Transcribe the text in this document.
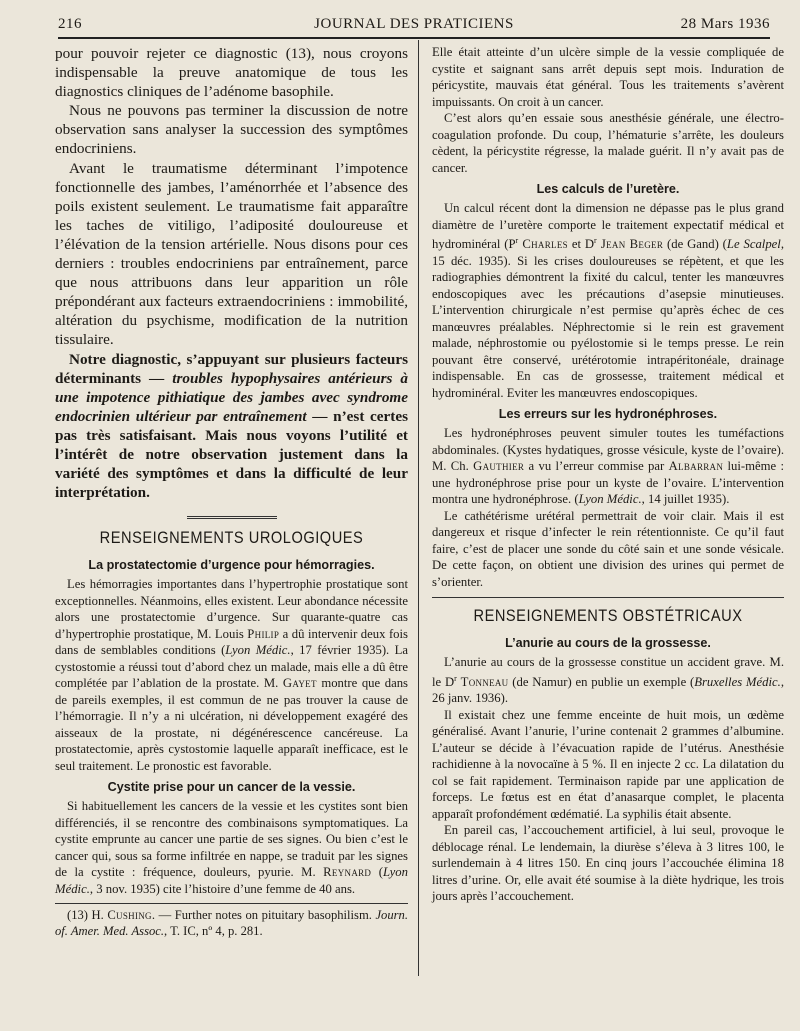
216	JOURNAL DES PRATICIENS	28 Mars 1936

pour pouvoir rejeter ce diagnostic (13), nous croyons indispensable la preuve anatomique de tous les diagnostics cliniques de l’adénome basophile.

Nous ne pouvons pas terminer la discussion de notre observation sans analyser la succession des symptômes endocriniens.

Avant le traumatisme déterminant l’impotence fonctionnelle des jambes, l’aménorrhée et l’absence des poils existent seulement. Le traumatisme fait apparaître les taches de vitiligo, l’adiposité douloureuse et l’élévation de la tension artérielle. Nous disons pour ces derniers : troubles endocriniens par entraînement, parce que nous attribuons dans leur apparition un rôle prépondérant aux facteurs extraendocriniens : immobilité, altération du psychisme, modification de la nutrition tissulaire.

Notre diagnostic, s’appuyant sur plusieurs facteurs déterminants — troubles hypophysaires antérieurs à une impotence pithiatique des jambes avec syndrome endocrinien ultérieur par entraînement — n’est certes pas très satisfaisant. Mais nous voyons l’utilité et l’intérêt de notre observation justement dans la variété des symptômes et dans la difficulté de leur interprétation.

RENSEIGNEMENTS UROLOGIQUES
La prostatectomie d’urgence pour hémorragies.

Les hémorragies importantes dans l’hypertrophie prostatique sont exceptionnelles. Néanmoins, elles existent. Leur abondance nécessite alors une prostatectomie d’urgence. Sur quarante-quatre cas d’hypertrophie prostatique, M. Louis Philip a dû intervenir deux fois dans de semblables conditions (Lyon Médic., 17 février 1935). La cystostomie a réussi tout d’abord chez un malade, mais elle a dû être complétée par l’ablation de la prostate. M. Gayet montre que dans de pareils exemples, il est commun de ne pas trouver la cause de l’hémorragie. Il n’y a ni ulcération, ni développement exagéré des aisseaux de la prostate, ni dégénérescence cancéreuse. La prostatectomie, après cystostomie laquelle apparaît inefficace, est le seul traitement. Le pronostic est favorable.

Cystite prise pour un cancer de la vessie.

Si habituellement les cancers de la vessie et les cystites sont bien différenciés, il se rencontre des combinaisons symptomatiques. La cystite emprunte au cancer une partie de ses signes. Ou bien c’est le cancer qui, sous sa forme infiltrée en nappe, se traduit par les signes de la cystite : fréquence, douleurs, pyurie. M. Reynard (Lyon Médic., 3 nov. 1935) cite l’histoire d’une femme de 40 ans.

(13) H. Cushing. — Further notes on pituitary basophilism. Journ. of. Amer. Med. Assoc., T. IC, nº 4, p. 281.

Elle était atteinte d’un ulcère simple de la vessie compliquée de cystite et saignant sans arrêt depuis sept mois. Induration de péricystite, mauvais état général. Tous les traitements s’avèrent impuissants. On croit à un cancer.

C’est alors qu’en essaie sous anesthésie générale, une électro-coagulation profonde. Du coup, l’hématurie s’arrête, les douleurs cèdent, la péricystite régresse, la malade guérit. Il n’y avait pas de cancer.

Les calculs de l’uretère.

Un calcul récent dont la dimension ne dépasse pas le plus grand diamètre de l’uretère comporte le traitement expectatif médical et hydrominéral ($P^r$ Charles et $D^r$ Jean Beger (de Gand) (Le Scalpel, 15 déc. 1935). Si les crises douloureuses se répètent, et que les radiographies démontrent la fixité du calcul, tenter les manœuvres endoscopiques avec les précautions d’asepsie minutieuses. L’intervention chirurgicale n’est permise qu’après échec de ces manœuvres préalables. Néphrectomie si le rein est gravement malade, néphrostomie ou pyélostomie si le temps presse. Le rein pouvant être conservé, urétérotomie intrapéritonéale, drainage indispensable. En cas de grossesse, traitement médical et hydrominéral. Eviter les manœuvres endoscopiques.

Les erreurs sur les hydronéphroses.

Les hydronéphroses peuvent simuler toutes les tuméfactions abdominales. (Kystes hydatiques, grosse vésicule, kyste de l’ovaire). M. Ch. Gauthier a vu l’erreur commise par Albarran lui-même : une hydronéphrose prise pour un kyste de l’ovaire. L’intervention montra une hydronéphrose. (Lyon Médic., 14 juillet 1935).

Le cathétérisme urétéral permettrait de voir clair. Mais il est dangereux et risque d’infecter le rein rétentionniste. Ce qu’il faut faire, c’est de placer une sonde du côté sain et une sonde vésicale. De cette façon, on obtient une division des urines qui permet de s’orienter.

RENSEIGNEMENTS OBSTÉTRICAUX
L’anurie au cours de la grossesse.

L’anurie au cours de la grossesse constitue un accident grave. M. le $D^r$ Tonneau (de Namur) en publie un exemple (Bruxelles Médic., 26 janv. 1936).

Il existait chez une femme enceinte de huit mois, un œdème généralisé. Avant l’anurie, l’urine contenait 2 grammes d’albumine. L’auteur se décide à l’évacuation rapide de l’utérus. Anesthésie rachidienne à la novocaïne à 5 %. Il en injecte 2 cc. La dilatation du col se fait rapidement. Terminaison rapide par une application de forceps. Le fœtus est en état d’anasarque complet, le placenta apparaît profondément œdématié. La syphilis était absente.

En pareil cas, l’accouchement artificiel, à lui seul, provoque le déblocage rénal. Le lendemain, la diurèse s’éleva à 3 litres 100, le surlendemain à 4 litres 150. En cinq jours l’accouchée élimina 18 litres d’urine. Or, elle avait été soumise à la diète hydrique, les trois jours après l’accouchement.
